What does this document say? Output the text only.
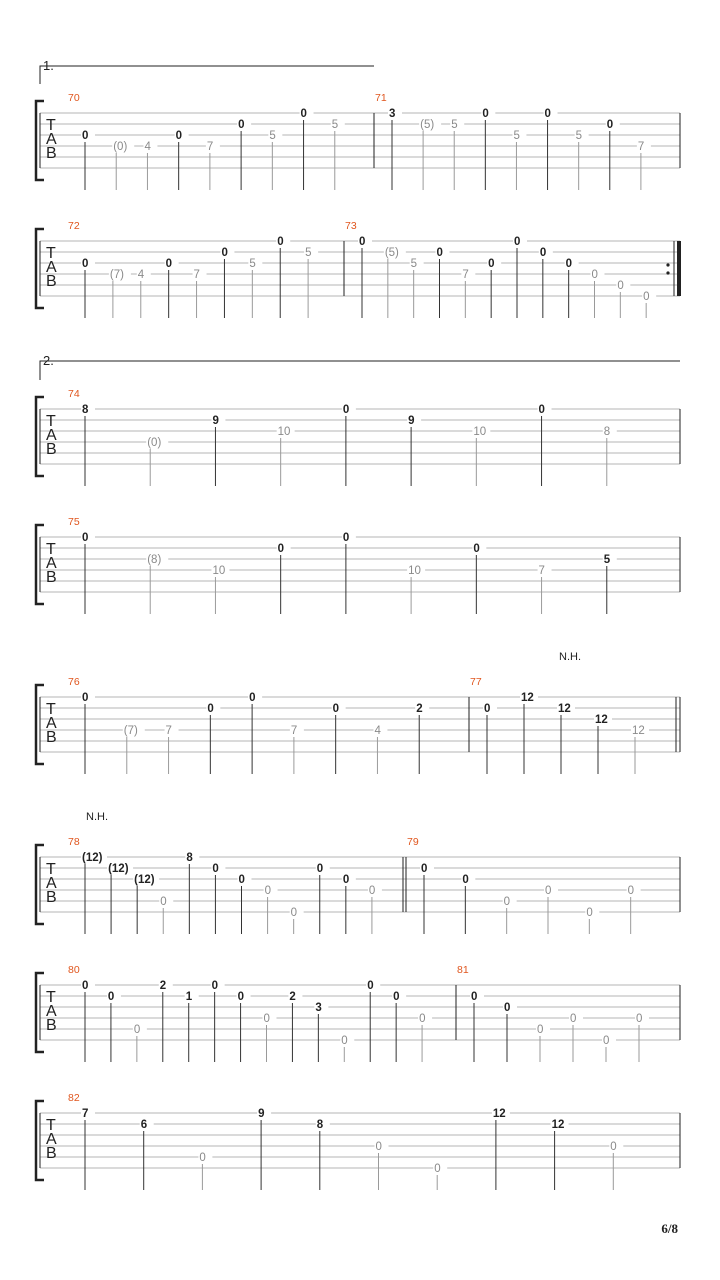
1.
2.
N.H.
N.H.
T
A
B
70
0
(0) 4
0
7
0
5
0
5
71
3
(5) 5
0
5
0
5
0
7
T
A
B
72
0
(7) 4
0
7
0
5
0
5
73
0
(5)
5
0
7
0
0
0
0
0
0
0
T
A
B
74
8
(0)
9
10
0
9
10
0
8
T
A
B
75
0
(8)
10
0
0
10
0
7
5
T
A
B
76
0
(7) 7
0
0
7
0
4
2
77
0
12
12
12
12
T
A
B
78
(12)
(12)
(12)
0
8
0
0
0
0
0
0
0
79
0
0
0
0
0
0
T
A
B
80
0
0
0
2
1
0
0
0
2
3
0
0
0
0
81
0
0
0
0
0
0
T
A
B
82
7
6
0
9
8
0
0
12
12
0
6/8
